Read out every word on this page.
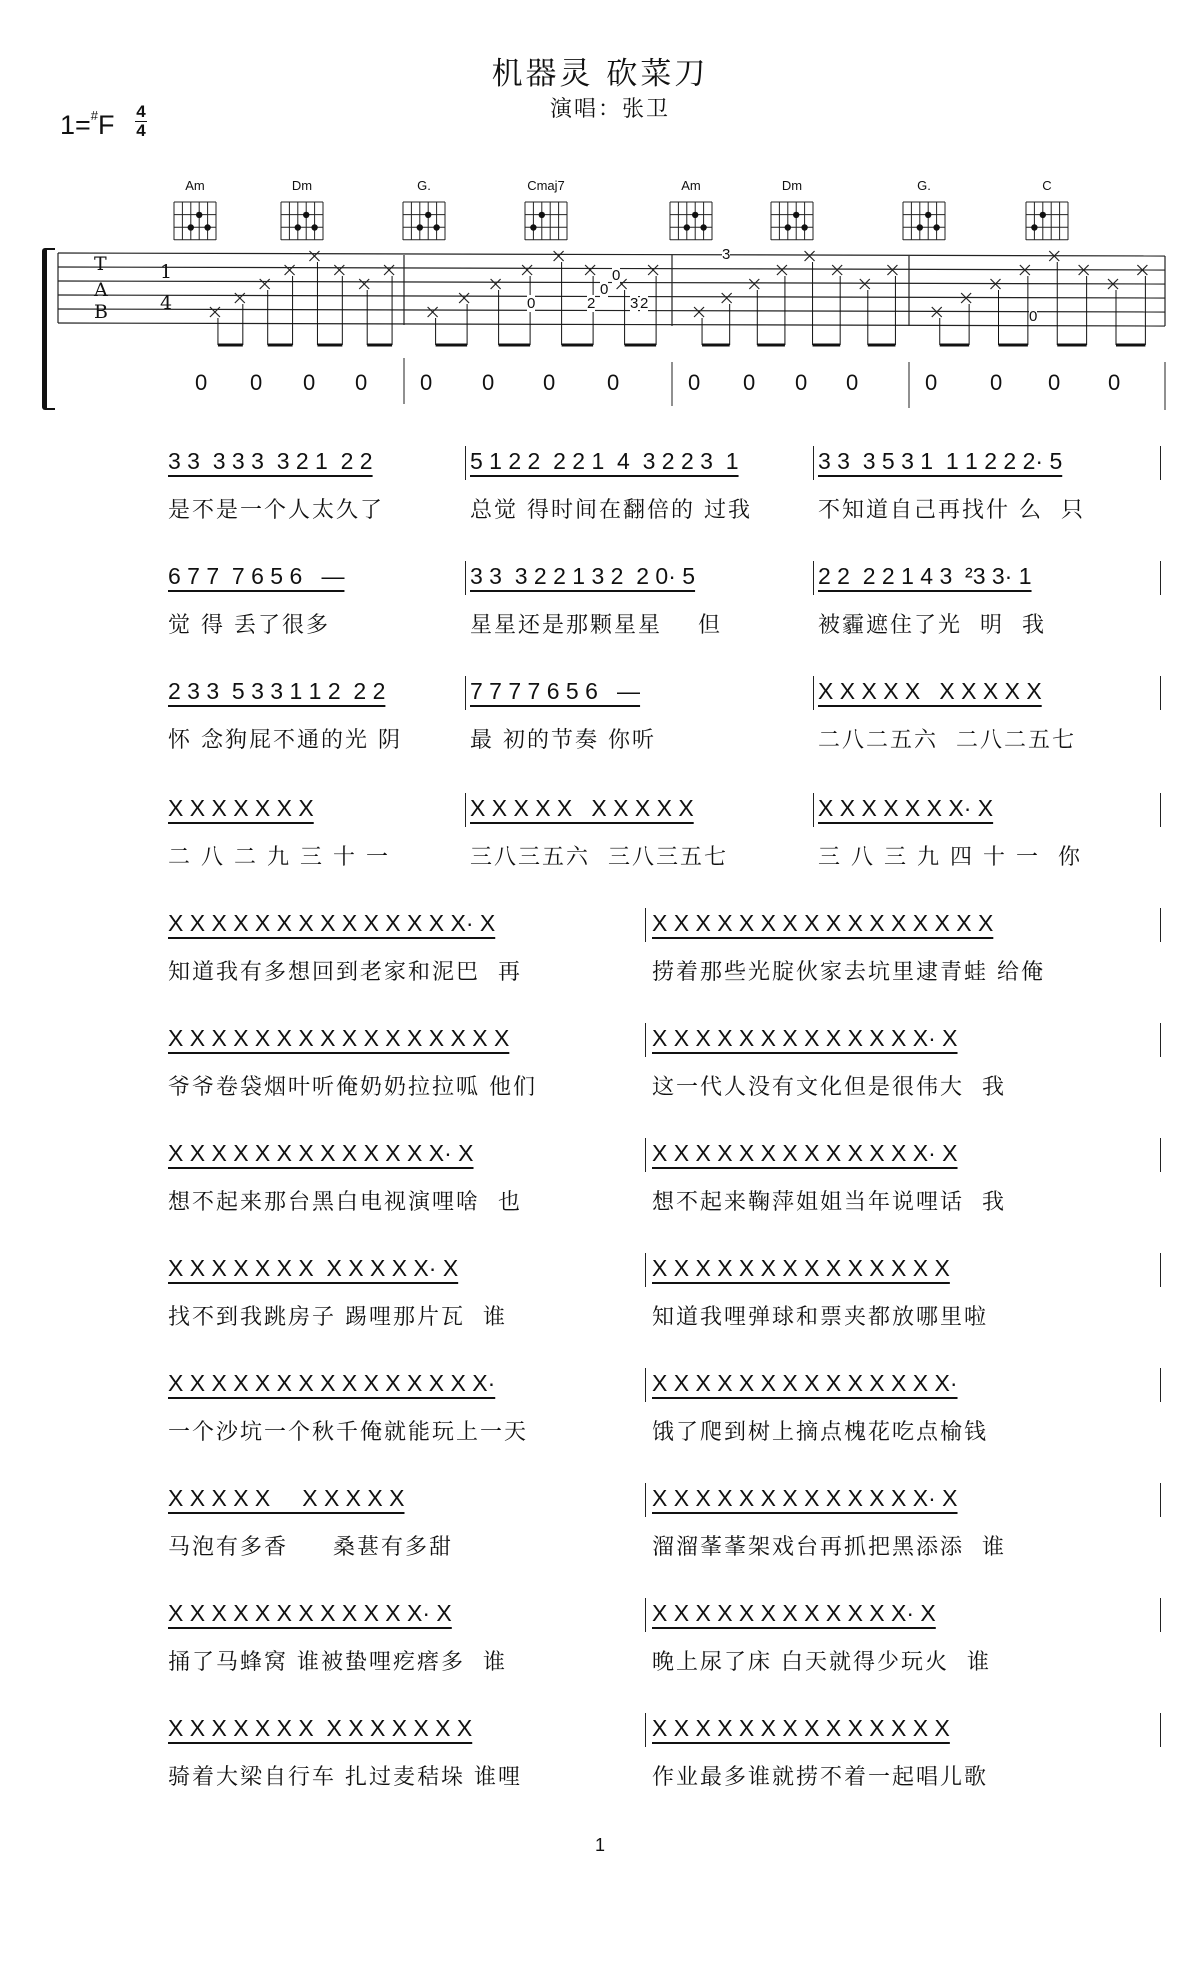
机器灵 砍菜刀
演唱：张卫
1=#F 4
4
Am	Dm	G.	Cmaj7	Am	Dm	G.	C
T
A
B
1
4	0	2
0
0
3 2
3
0
0 0 0 0 0 0 0 0	0 0 0 0	0 0 0 0
3 3  3 3 3  3 2 1  2 2
是不是一个人太久了
5 1 2 2  2 2 1  4  3 2 2 3  1
总觉 得时间在翻倍的 过我
3 3  3 5 3 1  1 1 2 2 2· 5
不知道自己再找什 么  只
6 7 7  7 6 5 6   —
觉 得 丢了很多
3 3  3 2 2 1 3 2  2 0· 5
星星还是那颗星星    但
2 2  2 2 1 4 3  ²3 3· 1
被霾遮住了光  明  我
2 3 3  5 3 3 1 1 2  2 2
怀 念狗屁不通的光 阴
7 7 7 7 6 5 6   —
最 初的节奏 你听
X X X X X   X X X X X
二八二五六  二八二五七
X X X X X X X
二 八 二 九 三 十 一
X X X X X   X X X X X
三八三五六  三八三五七
X X X X X X X· X
三 八 三 九 四 十 一  你
X X X X X X X X X X X X X X· X
知道我有多想回到老家和泥巴  再
X X X X X X X X X X X X X X X X
捞着那些光腚伙家去坑里逮青蛙 给俺
X X X X X X X X X X X X X X X X
爷爷卷袋烟叶听俺奶奶拉拉呱 他们
X X X X X X X X X X X X X· X
这一代人没有文化但是很伟大  我
X X X X X X X X X X X X X· X
想不起来那台黑白电视演哩啥  也
X X X X X X X X X X X X X· X
想不起来鞠萍姐姐当年说哩话  我
X X X X X X X  X X X X X· X
找不到我跳房子 踢哩那片瓦  谁
X X X X X X X X X X X X X X
知道我哩弹球和票夹都放哪里啦
X X X X X X X X X X X X X X X·
一个沙坑一个秋千俺就能玩上一天
X X X X X X X X X X X X X X·
饿了爬到树上摘点槐花吃点榆钱
X X X X X     X X X X X
马泡有多香     桑葚有多甜
X X X X X X X X X X X X X· X
溜溜莑莑架戏台再抓把黑添添  谁
X X X X X X X X X X X X· X
捅了马蜂窝 谁被蛰哩疙瘩多  谁
X X X X X X X X X X X X· X
晚上尿了床 白天就得少玩火  谁
X X X X X X X  X X X X X X X
骑着大梁自行车 扎过麦秸垛 谁哩
X X X X X X X X X X X X X X
作业最多谁就捞不着一起唱儿歌
1
